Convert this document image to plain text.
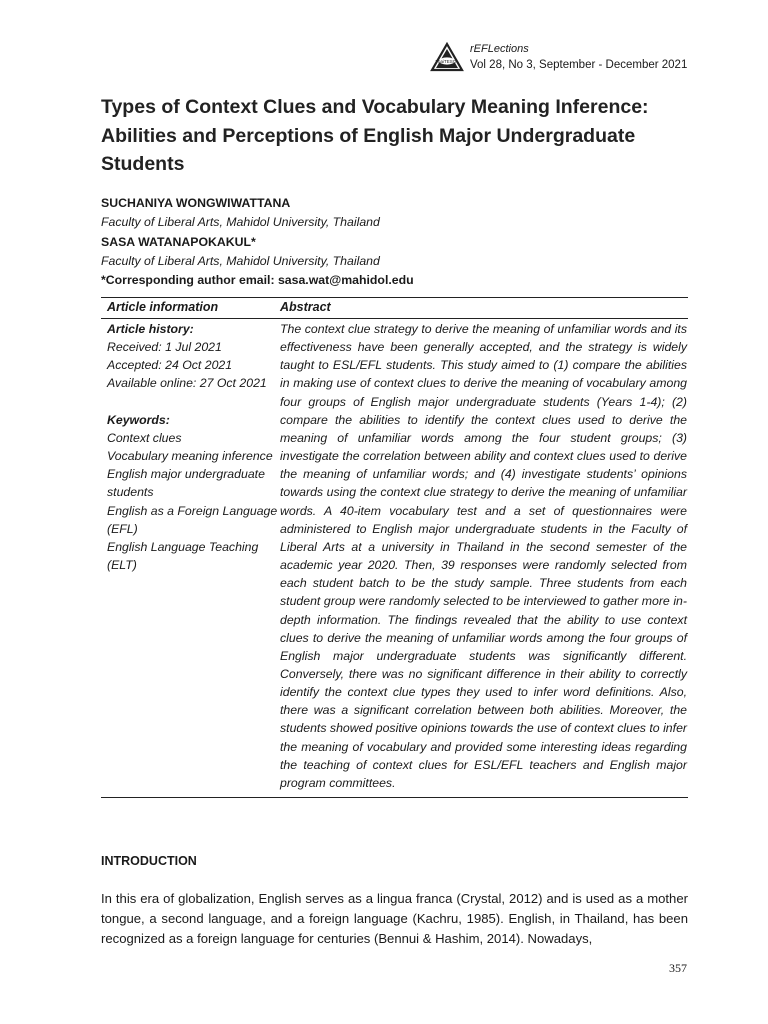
ThaiTESOL
rEFLections
Vol 28, No 3, September - December 2021
Types of Context Clues and Vocabulary Meaning Inference: Abilities and Perceptions of English Major Undergraduate Students
SUCHANIYA WONGWIWATTANA
Faculty of Liberal Arts, Mahidol University, Thailand
SASA WATANAPOKAKUL*
Faculty of Liberal Arts, Mahidol University, Thailand
*Corresponding author email: sasa.wat@mahidol.edu
Article information	Abstract
Article history:
Received: 1 Jul 2021
Accepted: 24 Oct 2021
Available online: 27 Oct 2021
Keywords:
Context clues
Vocabulary meaning inference
English major undergraduate students
English as a Foreign Language (EFL)
English Language Teaching (ELT)

The context clue strategy to derive the meaning of unfamiliar words and its effectiveness have been generally accepted, and the strategy is widely taught to ESL/EFL students. This study aimed to (1) compare the abilities in making use of context clues to derive the meaning of vocabulary among four groups of English major undergraduate students (Years 1-4); (2) compare the abilities to identify the context clues used to derive the meaning of unfamiliar words among the four student groups; (3) investigate the correlation between ability and context clues used to derive the meaning of unfamiliar words; and (4) investigate students’ opinions towards using the context clue strategy to derive the meaning of unfamiliar words. A 40-item vocabulary test and a set of questionnaires were administered to English major undergraduate students in the Faculty of Liberal Arts at a university in Thailand in the second semester of the academic year 2020. Then, 39 responses were randomly selected from each student batch to be the study sample. Three students from each student group were randomly selected to be interviewed to gather more in-depth information. The findings revealed that the ability to use context clues to derive the meaning of unfamiliar words among the four groups of English major undergraduate students was significantly different. Conversely, there was no significant difference in their ability to correctly identify the context clue types they used to infer word definitions. Also, there was a significant correlation between both abilities. Moreover, the students showed positive opinions towards the use of context clues to infer the meaning of vocabulary and provided some interesting ideas regarding the teaching of context clues for ESL/EFL teachers and English major program committees.

INTRODUCTION

In this era of globalization, English serves as a lingua franca (Crystal, 2012) and is used as a mother tongue, a second language, and a foreign language (Kachru, 1985). English, in Thailand, has been recognized as a foreign language for centuries (Bennui & Hashim, 2014). Nowadays,

357
